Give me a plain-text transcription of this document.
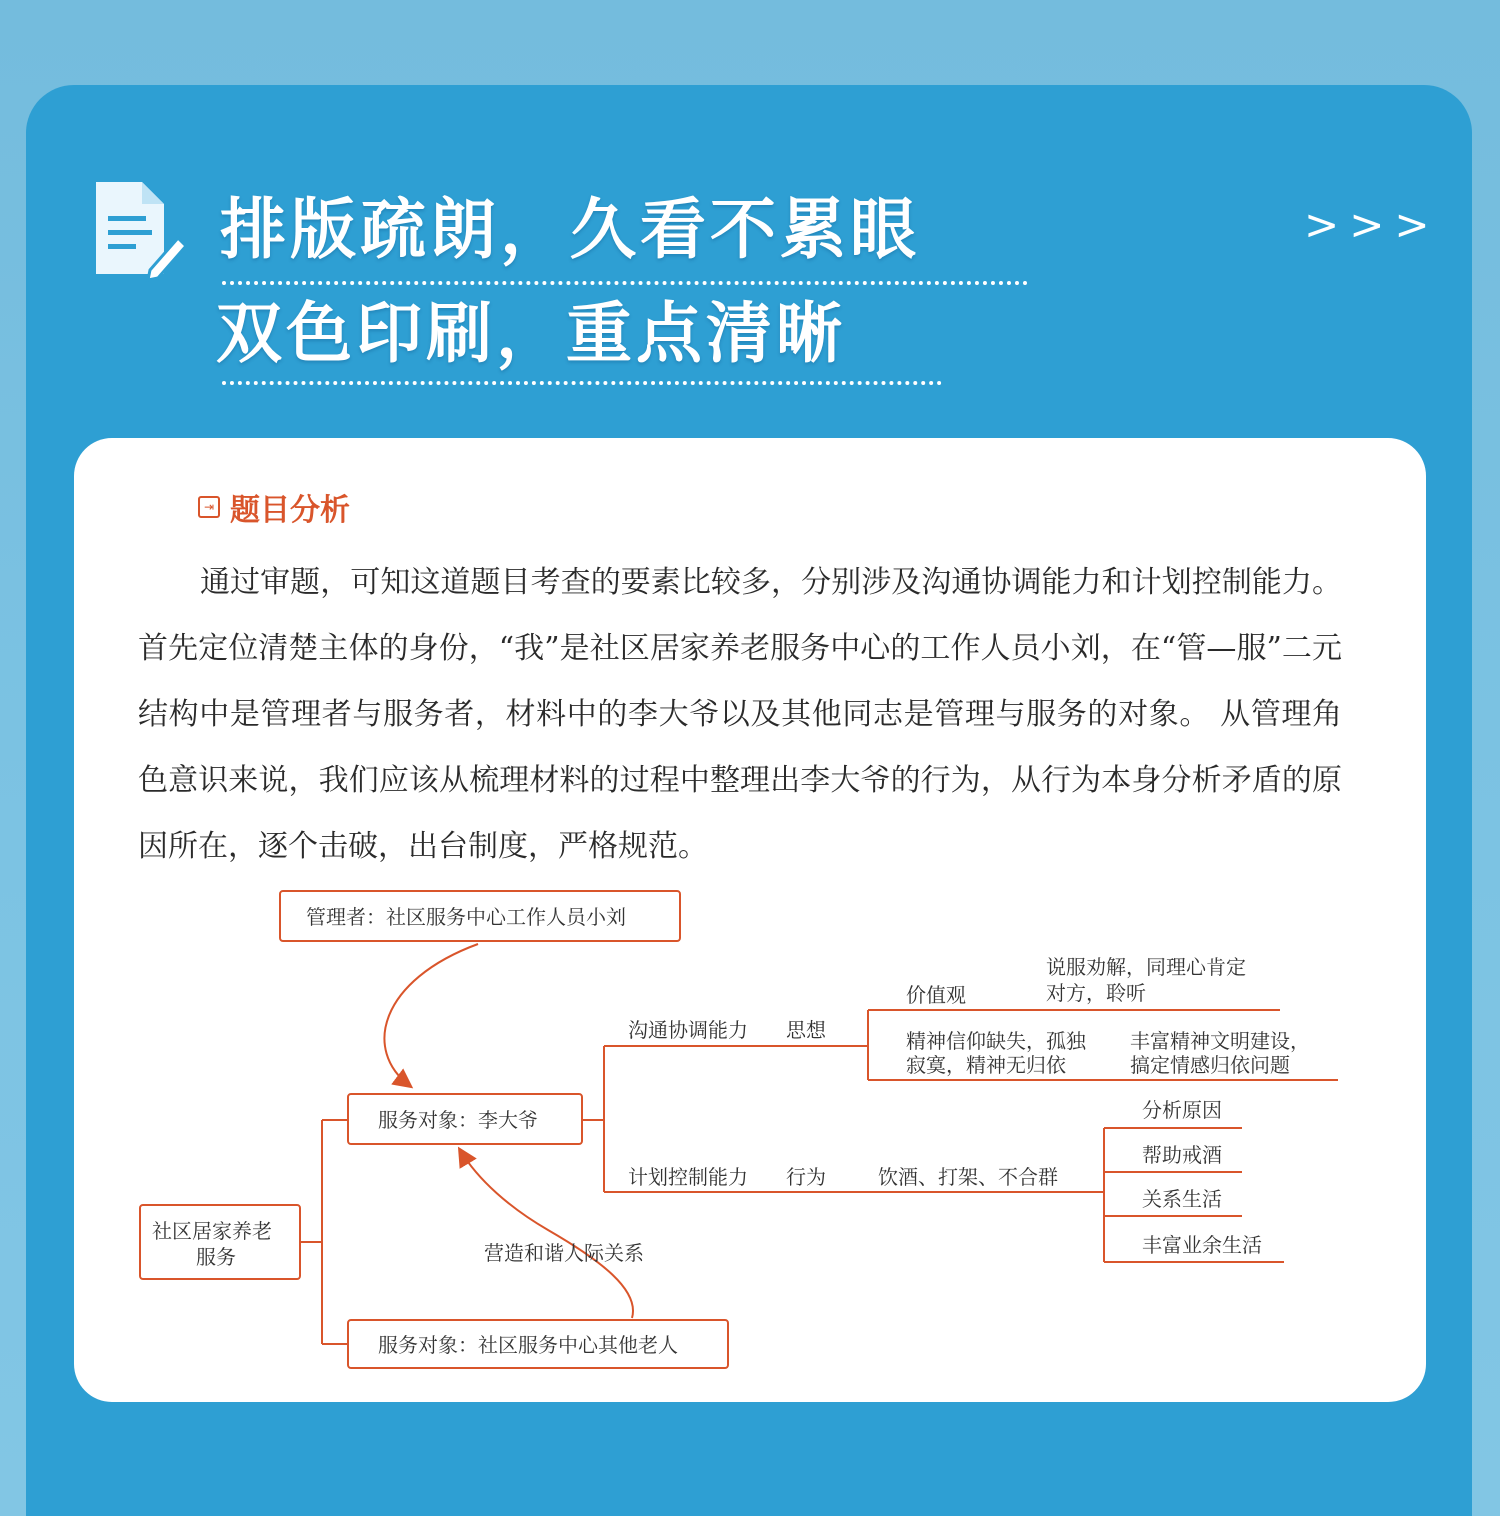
排版疏朗，久看不累眼
双色印刷，重点清晰
>>>
⇥ 题目分析
通过审题，可知这道题目考查的要素比较多，分别涉及沟通协调能力和计划控制能力。 首先定位清楚主体的身份，“我”是社区居家养老服务中心的工作人员小刘，在“管—服”二元结构中是管理者与服务者，材料中的李大爷以及其他同志是管理与服务的对象。 从管理角色意识来说，我们应该从梳理材料的过程中整理出李大爷的行为，从行为本身分析矛盾的原因所在，逐个击破，出台制度，严格规范。
管理者：社区服务中心工作人员小刘
服务对象：李大爷
社区居家养老
服务
服务对象：社区服务中心其他老人
营造和谐人际关系
沟通协调能力 思想
价值观
说服劝解，同理心肯定
对方，聆听
精神信仰缺失，孤独
寂寞，精神无归依
丰富精神文明建设，
搞定情感归依问题
计划控制能力 行为	饮酒、打架、不合群
分析原因
帮助戒酒
关系生活
丰富业余生活
